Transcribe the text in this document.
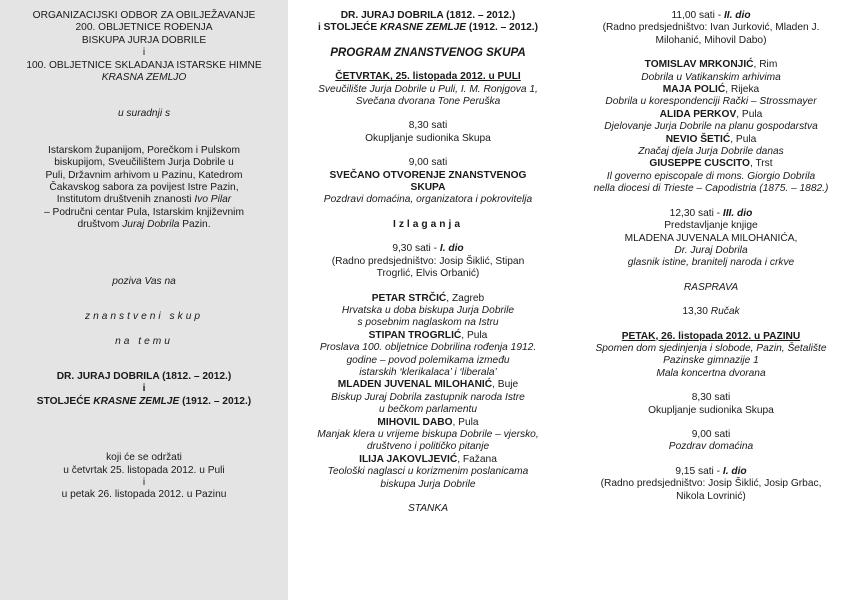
ORGANIZACIJSKI ODBOR ZA OBILJEŽAVANJE
200. OBLJETNICE ROĐENJA
BISKUPA JURJA DOBRILE
i
100. OBLJETNICE SKLADANJA ISTARSKE HIMNE
KRASNA ZEMLJO
u suradnji s
Istarskom županijom, Porečkom i Pulskom
biskupijom, Sveučilištem Jurja Dobrile u
Puli, Državnim arhivom u Pazinu, Katedrom
Čakavskog sabora za povijest Istre Pazin,
Institutom društvenih znanosti Ivo Pilar
– Područni centar Pula, Istarskim književnim
društvom Juraj Dobrila Pazin.
poziva Vas na
znanstveni skup
na temu
DR. JURAJ DOBRILA (1812. – 2012.)
i
STOLJEĆE KRASNE ZEMLJE (1912. – 2012.)
koji će se održati
u četvrtak 25. listopada 2012. u Puli
i
u petak 26. listopada 2012. u Pazinu
DR. JURAJ DOBRILA (1812. – 2012.)
i STOLJEĆE KRASNE ZEMLJE (1912. – 2012.)
PROGRAM ZNANSTVENOG SKUPA
ČETVRTAK, 25. listopada 2012. u PULI
Sveučilište Jurja Dobrile u Puli, I. M. Ronjgova 1,
Svečana dvorana Tone Peruška
8,30 sati
Okupljanje sudionika Skupa
9,00 sati
SVEČANO OTVORENJE ZNANSTVENOG
SKUPA
Pozdravi domaćina, organizatora i pokrovitelja
Izlaganja
9,30 sati - I. dio
(Radno predsjedništvo: Josip Šiklić, Stipan
Trogrlić, Elvis Orbanić)
PETAR STRČIĆ, Zagreb
Hrvatska u doba biskupa Jurja Dobrile
s posebnim naglaskom na Istru
STIPAN TROGRLIĆ, Pula
Proslava 100. obljetnice Dobrilina rođenja 1912.
godine – povod polemikama između
istarskih ‘klerikalaca’ i ‘liberala’
MLADEN JUVENAL MILOHANIĆ, Buje
Biskup Juraj Dobrila zastupnik naroda Istre
u bečkom parlamentu
MIHOVIL DABO, Pula
Manjak klera u vrijeme biskupa Dobrile – vjersko,
društveno i političko pitanje
ILIJA JAKOVLJEVIĆ, Fažana
Teološki naglasci u korizmenim poslanicama
biskupa Jurja Dobrile
STANKA
11,00 sati - II. dio
(Radno predsjedništvo: Ivan Jurković, Mladen J.
Milohanić, Mihovil Dabo)
TOMISLAV MRKONJIĆ, Rim
Dobrila u Vatikanskim arhivima
MAJA POLIĆ, Rijeka
Dobrila u korespondenciji Rački – Strossmayer
ALIDA PERKOV, Pula
Djelovanje Jurja Dobrile na planu gospodarstva
NEVIO ŠETIĆ, Pula
Značaj djela Jurja Dobrile danas
GIUSEPPE CUSCITO, Trst
Il governo episcopale di mons. Giorgio Dobrila
nella diocesi di Trieste – Capodistria (1875. – 1882.)
12,30 sati - III. dio
Predstavljanje knjige
MLADENA JUVENALA MILOHANIĆA,
Dr. Juraj Dobrila
glasnik istine, branitelj naroda i crkve
RASPRAVA
13,30 Ručak
PETAK, 26. listopada 2012. u PAZINU
Spomen dom sjedinjenja i slobode, Pazin, Šetalište
Pazinske gimnazije 1
Mala koncertna dvorana
8,30 sati
Okupljanje sudionika Skupa
9,00 sati
Pozdrav domaćina
9,15 sati - I. dio
(Radno predsjedništvo: Josip Šiklić, Josip Grbac,
Nikola Lovrinić)
